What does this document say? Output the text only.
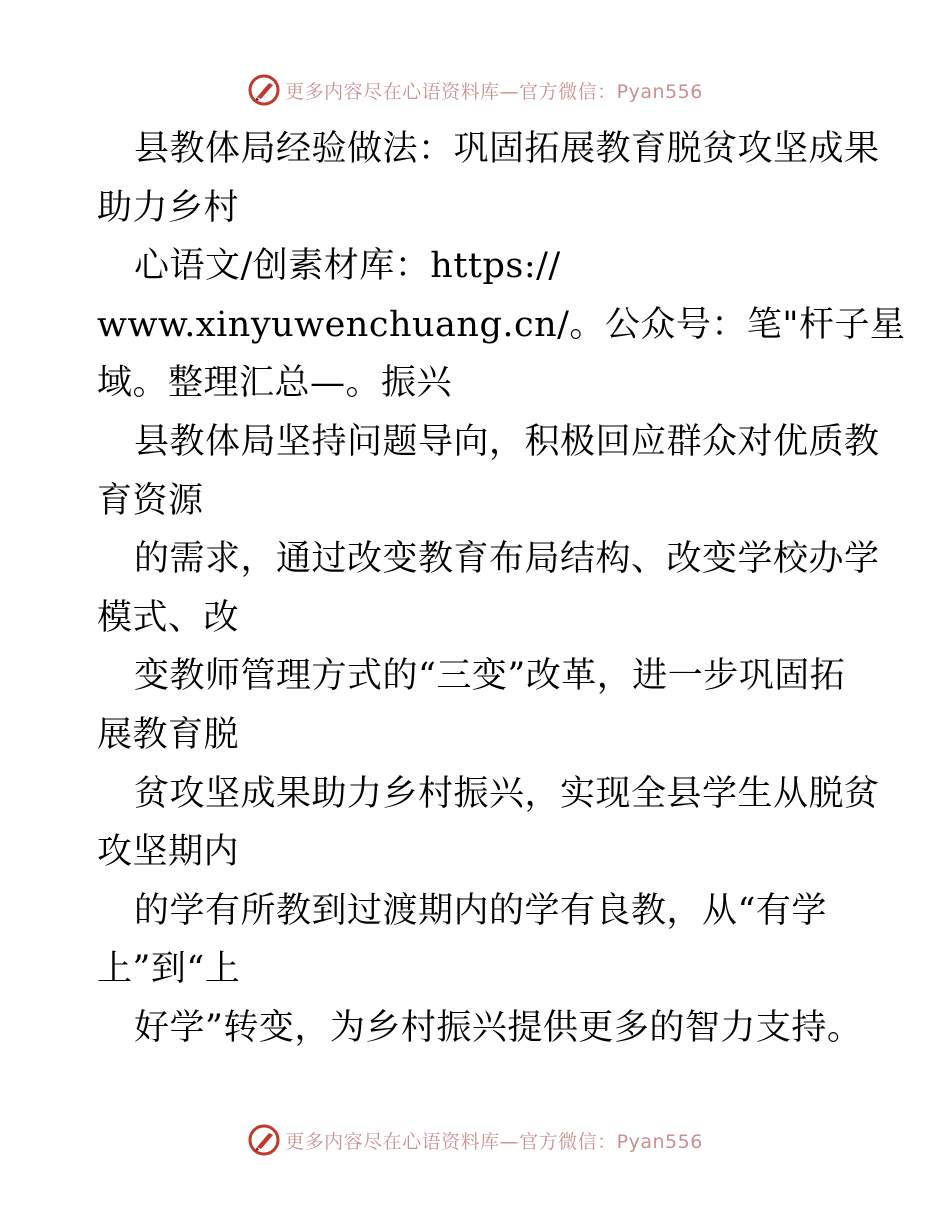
更多内容尽在心语资料库—官方微信：Pyan556
县教体局经验做法：巩固拓展教育脱贫攻坚成果
助力乡村
心语文/创素材库：https://
www.xinyuwenchuang.cn/。公众号：笔"杆子星
域。整理汇总—。振兴
县教体局坚持问题导向，积极回应群众对优质教
育资源
的需求，通过改变教育布局结构、改变学校办学
模式、改
变教师管理方式的“三变”改革，进一步巩固拓
展教育脱
贫攻坚成果助力乡村振兴，实现全县学生从脱贫
攻坚期内
的学有所教到过渡期内的学有良教，从“有学
上”到“上
好学”转变，为乡村振兴提供更多的智力支持。
更多内容尽在心语资料库—官方微信：Pyan556
